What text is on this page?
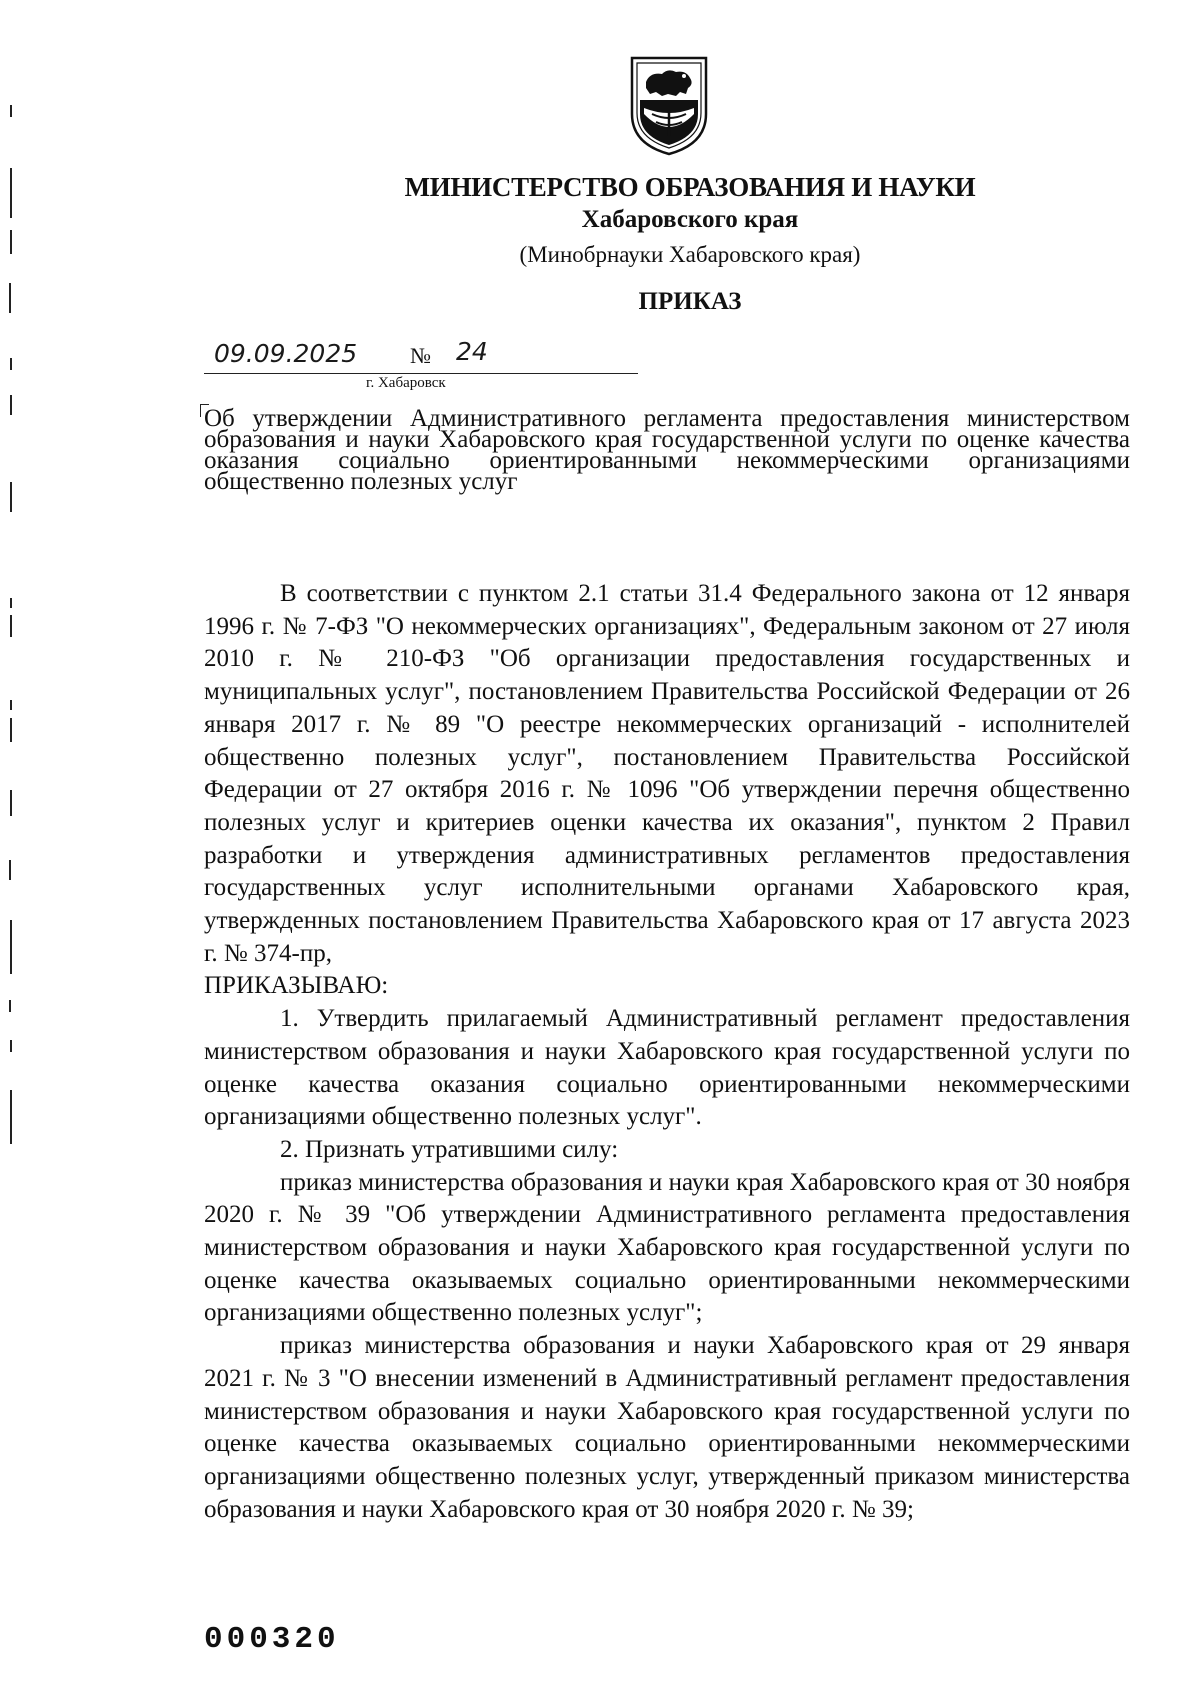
МИНИСТЕРСТВО ОБРАЗОВАНИЯ И НАУКИ
Хабаровского края
(Минобрнауки Хабаровского края)
ПРИКАЗ
09.09.2025 № 24
г. Хабаровск
Об утверждении Административного регламента предоставления министерством образования и науки Хабаровского края государственной услуги по оценке качества оказания социально ориентированными некоммерческими организациями общественно полезных услуг

В соответствии с пунктом 2.1 статьи 31.4 Федерального закона от 12 января 1996 г. № 7-ФЗ "О некоммерческих организациях", Федеральным законом от 27 июля 2010 г. № 210-ФЗ "Об организации предоставления государственных и муниципальных услуг", постановлением Правительства Российской Федерации от 26 января 2017 г. № 89 "О реестре некоммерческих организаций - исполнителей общественно полезных услуг", постановлением Правительства Российской Федерации от 27 октября 2016 г. № 1096 "Об утверждении перечня общественно полезных услуг и критериев оценки качества их оказания", пунктом 2 Правил разработки и утверждения административных регламентов предоставления государственных услуг исполнительными органами Хабаровского края, утвержденных постановлением Правительства Хабаровского края от 17 августа 2023 г. № 374-пр,

ПРИКАЗЫВАЮ:

1. Утвердить прилагаемый Административный регламент предоставления министерством образования и науки Хабаровского края государственной услуги по оценке качества оказания социально ориентированными некоммерческими организациями общественно полезных услуг".

2. Признать утратившими силу:

приказ министерства образования и науки края Хабаровского края от 30 ноября 2020 г. № 39 "Об утверждении Административного регламента предоставления министерством образования и науки Хабаровского края государственной услуги по оценке качества оказываемых социально ориентированными некоммерческими организациями общественно полезных услуг";

приказ министерства образования и науки Хабаровского края от 29 января 2021 г. № 3 "О внесении изменений в Административный регламент предоставления министерством образования и науки Хабаровского края государственной услуги по оценке качества оказываемых социально ориентированными некоммерческими организациями общественно полезных услуг, утвержденный приказом министерства образования и науки Хабаровского края от 30 ноября 2020 г. № 39;

000320
